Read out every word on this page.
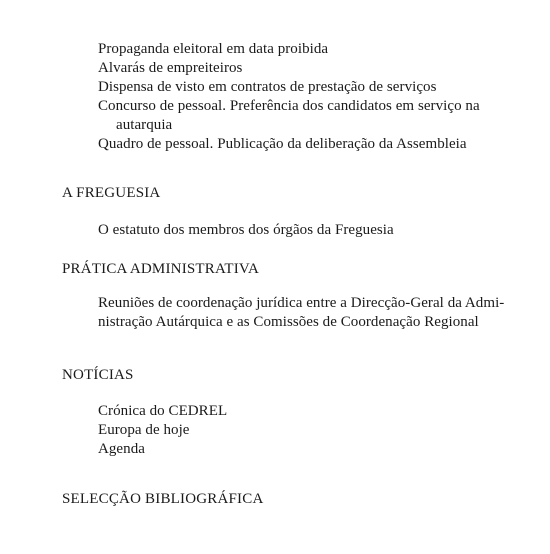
Propaganda eleitoral em data proibida
Alvarás de empreiteiros
Dispensa de visto em contratos de prestação de serviços
Concurso de pessoal. Preferência dos candidatos em serviço na
autarquia
Quadro de pessoal. Publicação da deliberação da Assembleia
A FREGUESIA
O estatuto dos membros dos órgãos da Freguesia
PRÁTICA ADMINISTRATIVA
Reuniões de coordenação jurídica entre a Direcção-Geral da Admi-
nistração Autárquica e as Comissões de Coordenação Regional
NOTÍCIAS
Crónica do CEDREL
Europa de hoje
Agenda
SELECÇÃO BIBLIOGRÁFICA
